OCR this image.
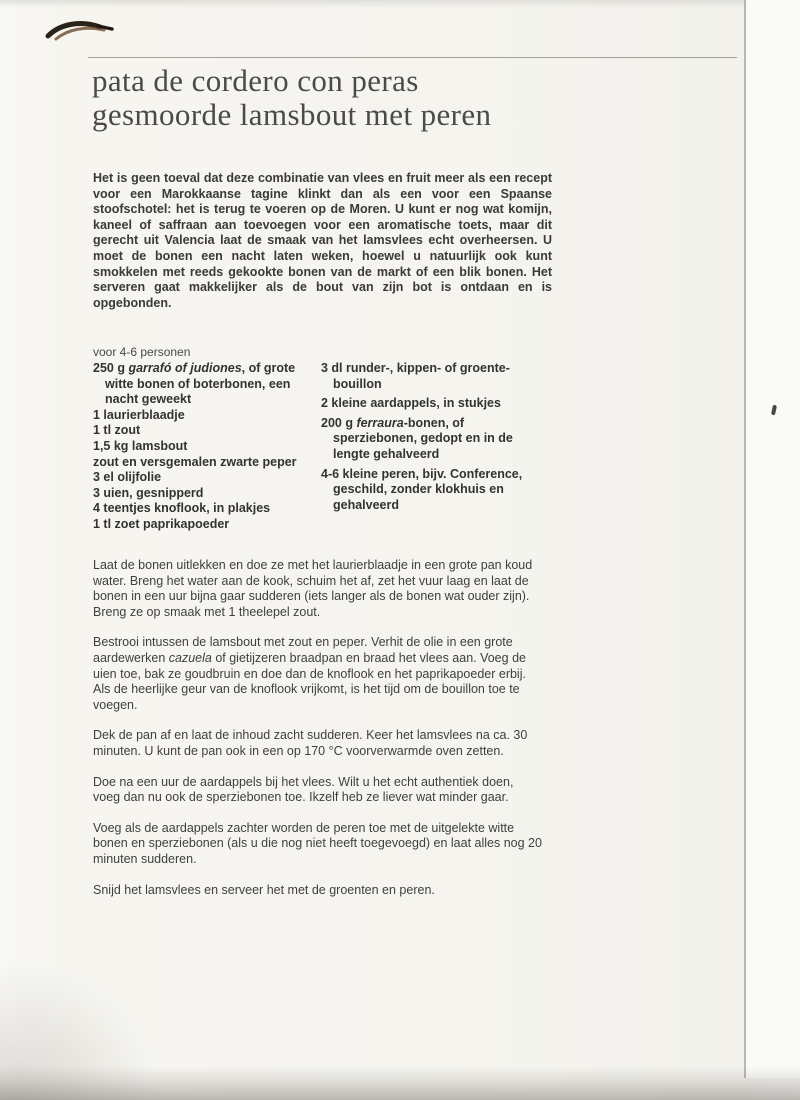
pata de cordero con peras
gesmoorde lamsbout met peren

Het is geen toeval dat deze combinatie van vlees en fruit meer als een recept voor een Marokkaanse tagine klinkt dan als een voor een Spaanse stoofschotel: het is terug te voeren op de Moren. U kunt er nog wat komijn, kaneel of saffraan aan toevoegen voor een aromatische toets, maar dit gerecht uit Valencia laat de smaak van het lamsvlees echt overheersen. U moet de bonen een nacht laten weken, hoewel u natuurlijk ook kunt smokkelen met reeds gekookte bonen van de markt of een blik bonen. Het serveren gaat makkelijker als de bout van zijn bot is ontdaan en is opgebonden.

voor 4-6 personen
250 g garrafó of judiones, of grote witte bonen of boterbonen, een nacht geweekt
1 laurierblaadje
1 tl zout
1,5 kg lamsbout
zout en versgemalen zwarte peper
3 el olijfolie
3 uien, gesnipperd
4 teentjes knoflook, in plakjes
1 tl zoet paprikapoeder
3 dl runder-, kippen- of groente-bouillon
2 kleine aardappels, in stukjes
200 g ferraura-bonen, of sperziebonen, gedopt en in de lengte gehalveerd
4-6 kleine peren, bijv. Conference, geschild, zonder klokhuis en gehalveerd

Laat de bonen uitlekken en doe ze met het laurierblaadje in een grote pan koud water. Breng het water aan de kook, schuim het af, zet het vuur laag en laat de bonen in een uur bijna gaar sudderen (iets langer als de bonen wat ouder zijn). Breng ze op smaak met 1 theelepel zout.

Bestrooi intussen de lamsbout met zout en peper. Verhit de olie in een grote aardewerken cazuela of gietijzeren braadpan en braad het vlees aan. Voeg de uien toe, bak ze goudbruin en doe dan de knoflook en het paprikapoeder erbij. Als de heerlijke geur van de knoflook vrijkomt, is het tijd om de bouillon toe te voegen.

Dek de pan af en laat de inhoud zacht sudderen. Keer het lamsvlees na ca. 30 minuten. U kunt de pan ook in een op 170 °C voorverwarmde oven zetten.

Doe na een uur de aardappels bij het vlees. Wilt u het echt authentiek doen, voeg dan nu ook de sperziebonen toe. Ikzelf heb ze liever wat minder gaar.

Voeg als de aardappels zachter worden de peren toe met de uitgelekte witte bonen en sperziebonen (als u die nog niet heeft toegevoegd) en laat alles nog 20 minuten sudderen.

Snijd het lamsvlees en serveer het met de groenten en peren.
